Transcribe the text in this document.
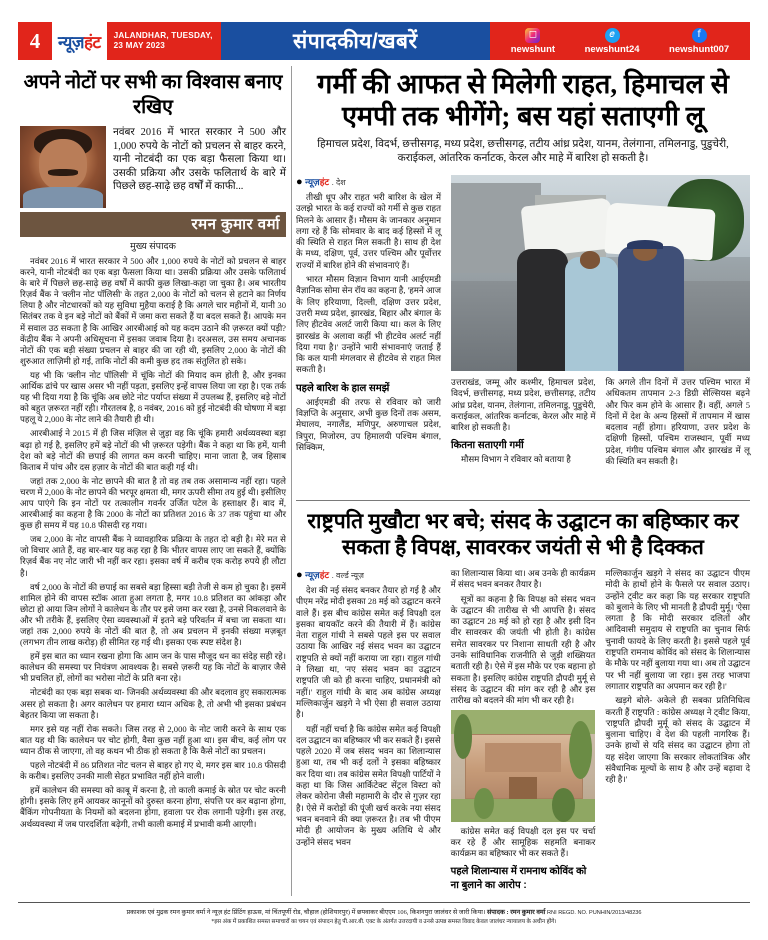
4	न्यूज़हंट JALANDHAR, TUESDAY,
23 MAY 2023	संपादकीय/खबरें	◻
newshunt
𝑒
newshunt24
f
newshunt007
अपने नोटों पर सभी का विश्वास बनाए रखिए
नवंबर 2016 में भारत सरकार ने 500 और 1,000 रुपये के नोटों को प्रचलन से बाहर करने, यानी नोटबंदी का एक बड़ा फैसला किया था। उसकी प्रक्रिया और उसके फलितार्थ के बारे में पिछले छह-साढ़े छह वर्षों में काफी...
रमन कुमार वर्मा
मुख्य संपादक

नवंबर 2016 में भारत सरकार ने 500 और 1,000 रुपये के नोटों को प्रचलन से बाहर करने, यानी नोटबंदी का एक बड़ा फैसला किया था। उसकी प्रक्रिया और उसके फलितार्थ के बारे में पिछले छह-साढ़े छह वर्षों में काफी कुछ लिखा-कहा जा चुका है। अब भारतीय रिज़र्व बैंक ने 'क्लीन नोट पॉलिसी' के तहत 2,000 के नोटों को चलन से हटाने का निर्णय लिया है और नोटधारकों को यह सुविधा मुहैया कराई है कि अगले चार महीनों में, यानी 30 सितंबर तक वे इन बड़े नोटों को बैंकों में जमा करा सकते हैं या बदल सकते हैं। आपके मन में सवाल उठ सकता है कि आखिर आरबीआई को यह कदम उठाने की ज़रूरत क्यों पड़ी? केंद्रीय बैंक ने अपनी अधिसूचना में इसका जवाब दिया है। दरअसल, उस समय अचानक नोटों की एक बड़ी संख्या प्रचलन से बाहर की जा रही थी, इसलिए 2,000 के नोटों की शुरुआत लाज़िमी हो गई, ताकि नोटों की कमी कुछ हद तक संतुलित हो सके।

यह भी कि 'क्लीन नोट पॉलिसी' में चूंकि नोटों की मियाद कम होती है, और इनका आर्थिक ढांचे पर खास असर भी नहीं पड़ता, इसलिए इन्हें वापस लिया जा रहा है। एक तर्क यह भी दिया गया है कि चूंकि अब छोटे नोट पर्याप्त संख्या में उपलब्ध हैं, इसलिए बड़े नोटों को बहुत ज़रूरत नहीं रही। गौरतलब है, 8 नवंबर, 2016 को हुई नोटबंदी की घोषणा में बड़ा पहलू ये 2,000 के नोट लाने की तैयारी ही थी।

आरबीआई ने 2015 में ही जिस मंज़िल से जुड़ा वह कि चूंकि हमारी अर्थव्यवस्था बड़ा बढ़ा हो गई है, इसलिए हमें बड़े नोटों की भी ज़रूरत पड़ेगी। बैंक ने कहा था कि हमें, यानी देश को बड़े नोटों की छपाई की लागत कम करनी चाहिए। माना जाता है, जब हिसाब किताब में पांच और दस हज़ार के नोटों की बात कही गई थी।

जहां तक 2,000 के नोट छापने की बात है तो वह तब तक असामान्य नहीं रहा। पहले चरण में 2,000 के नोट छापने की भरपूर क्षमता थी, मगर ऊपरी सीमा तय हुई थी। इसीलिए आप पाएंगे कि इन नोटों पर तत्कालीन गवर्नर उर्जित पटेल के हस्ताक्षर हैं। बाद में, आरबीआई का कहना है कि 2000 के नोटों का प्रतिशत 2016 के 37 तक पहुंचा था और कुछ ही समय में यह 10.8 फीसदी रह गया।

जब 2,000 के नोट वापसी बैंक ने व्यावहारिक प्रक्रिया के तहत दो बड़ी है। मेरे मत से जो विचार आते हैं, वह बार-बार यह कह रहा है कि भीतर वापस लाए जा सकते हैं, क्योंकि रिज़र्व बैंक नए नोट जारी भी नहीं कर रहा। इसका वर्ष में करीब एक करोड़ रुपये ही लौटा है।

वर्ष 2,000 के नोटों की छपाई का सबसे बड़ा हिस्सा बड़ी तेजी से कम हो चुका है। इसमें शामिल होने की वापस स्टॉक आता हुआ लगता है, मगर 10.8 प्रतिशत का आंकड़ा और छोटा हो आया जिन लोगों ने कालेधन के तौर पर इसे जमा कर रखा है, उनसे निकलवाने के और भी तरीके हैं, इसलिए ऐसा व्यवस्थाओं में इतने बड़े परिवर्तन में बचा जा सकता था। जहां तक 2,000 रुपये के नोटों की बात है, तो अब प्रचलन में इनकी संख्या मज़बूत (लगभग तीन लाख करोड़) ही सीमित रह गई थी। इसका एक स्पष्ट संदेश है।

हमें इस बात का ध्यान रखना होगा कि आम जन के पास मौजूद धन का संदेह सही रहे। कालेधन की समस्या पर नियंत्रण आवश्यक है। सबसे ज़रूरी यह कि नोटों के बाज़ार जैसे भी प्रचलित हों, लोगों का भरोसा नोटों के प्रति बना रहे।

नोटबंदी का एक बड़ा सबक था- जिनकी अर्थव्यवस्था की और बदलाव हुए सकारात्मक असर हो सकता है। अगर कालेधन पर हमारा ध्यान अधिक है, तो अभी भी इसका प्रबंधन बेहतर किया जा सकता है।

मगर इसे यह नहीं रोक सकते। जिस तरह से 2,000 के नोट जारी करने के साथ एक बात यह थी कि कालेधन पर चोट होगी, वैसा कुछ नहीं हुआ था। इस बीच, कई लोग पर ध्यान ठीक से जाएगा, तो वह कथन भी ठीक हो सकता है कि कैसे नोटों का प्रचलन।

पहले नोटबंदी में 86 प्रतिशत नोट चलन से बाहर हो गए थे, मगर इस बार 10.8 फीसदी के करीब। इसलिए उनकी माली सेहत प्रभावित नहीं होने वाली।

हमें कालेधन की समस्या को काबू में करना है, तो काली कमाई के स्रोत पर चोट करनी होगी। इसके लिए हमें आयकर कानूनों को दुरुस्त करना होगा, संपत्ति पर कर बढ़ाना होगा, बैंकिंग गोपनीयता के नियमों को बदलना होगा, हवाला पर रोक लगानी पड़ेगी। इस तरह, अर्थव्यवस्था में जब पारदर्शिता बढ़ेगी, तभी काली कमाई में प्रभावी कमी आएगी।

गर्मी की आफत से मिलेगी राहत, हिमाचल से एमपी तक भीगेंगे; बस यहां सताएगी लू
हिमाचल प्रदेश, विदर्भ, छत्तीसगढ़, मध्य प्रदेश, छत्तीसगढ़, तटीय आंध्र प्रदेश, यानम, तेलंगाना, तमिलनाडु, पुडुचेरी, कराईकल, आंतरिक कर्नाटक, केरल और माहे में बारिश हो सकती है।
● न्यूज़हंट . देश

तीखी धूप और राहत भरी बारिश के खेल में उलझे भारत के कई राज्यों को गर्मी से कुछ राहत मिलने के आसार हैं। मौसम के जानकार अनुमान लगा रहे हैं कि सोमवार के बाद कई हिस्सों में लू की स्थिति से राहत मिल सकती है। साथ ही देश के मध्य, दक्षिण, पूर्व, उत्तर पश्चिम और पूर्वोत्तर राज्यों में बारिश होने की संभावनाएं हैं।

भारत मौसम विज्ञान विभाग यानी आईएमडी वैज्ञानिक सोमा सेन रॉय का कहना है, 'हमने आज के लिए हरियाणा, दिल्ली, दक्षिण उत्तर प्रदेश, उत्तरी मध्य प्रदेश, झारखंड, बिहार और बंगाल के लिए हीटवेव अलर्ट जारी किया था। कल के लिए झारखंड के अलावा कहीं भी हीटवेव अलर्ट नहीं दिया गया है।' उन्होंने भारी संभावनाएं जताई हैं कि कल यानी मंगलवार से हीटवेव से राहत मिल सकती है।

पहले बारिश के हाल समझें

आईएमडी की तरफ से रविवार को जारी विज्ञप्ति के अनुसार, अभी कुछ दिनों तक असम, मेघालय, नगालैंड, मणिपुर, अरुणाचल प्रदेश, त्रिपुरा, मिजोरम, उप हिमालयी पश्चिम बंगाल, सिक्किम,

उत्तराखंड, जम्मू और कश्मीर, हिमाचल प्रदेश, विदर्भ, छत्तीसगढ़, मध्य प्रदेश, छत्तीसगढ़, तटीय आंध्र प्रदेश, यानम, तेलंगाना, तमिलनाडु, पुडुचेरी, कराईकल, आंतरिक कर्नाटक, केरल और माहे में बारिश हो सकती है।

कितना सताएगी गर्मी

मौसम विभाग ने रविवार को बताया है

कि अगले तीन दिनों में उत्तर पश्चिम भारत में अधिकतम तापमान 2-3 डिग्री सेल्सियस बढ़ने और फिर कम होने के आसार हैं। वहीं, अगले 5 दिनों में देश के अन्य हिस्सों में तापमान में खास बदलाव नहीं होगा। हरियाणा, उत्तर प्रदेश के दक्षिणी हिस्सों, पश्चिम राजस्थान, पूर्वी मध्य प्रदेश, गंगीय पश्चिम बंगाल और झारखंड में लू की स्थिति बन सकती है।

राष्ट्रपति मुखौटा भर बचे; संसद के उद्घाटन का बहिष्कार कर सकता है विपक्ष, सावरकर जयंती से भी है दिक्कत
● न्यूज़हंट . वर्ल्ड न्यूज़

देश की नई संसद बनकर तैयार हो गई है और पीएम नरेंद्र मोदी इसका 28 मई को उद्घाटन करने वाले हैं। इस बीच कांग्रेस समेत कई विपक्षी दल इसका बायकॉट करने की तैयारी में हैं। कांग्रेस नेता राहुल गांधी ने सबसे पहले इस पर सवाल उठाया कि आखिर नई संसद भवन का उद्घाटन राष्ट्रपति से क्यों नहीं कराया जा रहा। राहुल गांधी ने लिखा था, 'नए संसद भवन का उद्घाटन राष्ट्रपति जी को ही करना चाहिए, प्रधानमंत्री को नहीं।' राहुल गांधी के बाद अब कांग्रेस अध्यक्ष मल्लिकार्जुन खड़गे ने भी ऐसा ही सवाल उठाया है।

यहीं नहीं चर्चा है कि कांग्रेस समेत कई विपक्षी दल उद्घाटन का बहिष्कार भी कर सकते हैं। इससे पहले 2020 में जब संसद भवन का शिलान्यास हुआ था, तब भी कई दलों ने इसका बहिष्कार कर दिया था। तब कांग्रेस समेत विपक्षी पार्टियों ने कहा था कि जिस आर्किटेक्ट सेंट्रल विस्टा को लेकर कोरोना जैसी महामारी के दौर से गुज़र रहा है। ऐसे में करोड़ों की पूंजी खर्च करके नया संसद भवन बनवाने की क्या ज़रूरत है। तब भी पीएम मोदी ही आयोजन के मुख्य अतिथि थे और उन्होंने संसद भवन

का शिलान्यास किया था। अब उनके ही कार्यक्रम में संसद भवन बनकर तैयार है।

सूत्रों का कहना है कि विपक्ष को संसद भवन के उद्घाटन की तारीख से भी आपत्ति है। संसद का उद्घाटन 28 मई को हो रहा है और इसी दिन वीर सावरकर की जयंती भी होती है। कांग्रेस समेत सावरकर पर निशाना साधती रही है और उनके सांविधानिक राजनीति से जुड़ी शख्सियत बताती रही है। ऐसे में इस मौके पर एक बहाना हो सकता है। इसलिए कांग्रेस राष्ट्रपति द्रौपदी मुर्मू से संसद के उद्घाटन की मांग कर रही है और इस तारीख को बदलने की मांग भी कर रही है।

कांग्रेस समेत कई विपक्षी दल इस पर चर्चा कर रहे हैं और सामूहिक सहमति बनाकर कार्यक्रम का बहिष्कार भी कर सकते हैं।

पहले शिलान्यास में रामनाथ कोविंद को ना बुलाने का आरोप :

मल्लिकार्जुन खड़गे ने संसद का उद्घाटन पीएम मोदी के हाथों होने के फैसले पर सवाल उठाए। उन्होंने ट्वीट कर कहा कि यह सरकार राष्ट्रपति को बुलाने के लिए भी मानती है द्रौपदी मुर्मू। 'ऐसा लगता है कि मोदी सरकार दलितों और आदिवासी समुदाय से राष्ट्रपति का चुनाव सिर्फ चुनावी फायदे के लिए करती है। इससे पहले पूर्व राष्ट्रपति रामनाथ कोविंद को संसद के शिलान्यास के मौके पर नहीं बुलाया गया था। अब तो उद्घाटन पर भी नहीं बुलाया जा रहा। इस तरह भाजपा लगातार राष्ट्रपति का अपमान कर रही है।'

खड़गे बोले- अकेले ही सबका प्रतिनिधित्व करती हैं राष्ट्रपति : कांग्रेस अध्यक्ष ने ट्वीट किया, 'राष्ट्रपति द्रौपदी मुर्मू को संसद के उद्घाटन में बुलाना चाहिए। वे देश की पहली नागरिक हैं। उनके हाथों से यदि संसद का उद्घाटन होगा तो यह संदेश जाएगा कि सरकार लोकतांत्रिक और संवैधानिक मूल्यों के साथ है और उन्हें बढ़ावा दे रही है।'

प्रकाशक एवं मुद्रक रमन कुमार वर्मा ने न्यूज़ हंट प्रिंटिंग हाऊस, मां चिंतपूर्णी रोड, चौहाल (होशियारपुर) में छपवाकर बीएएम 106, किशनपुरा जालंधर से जारी किया। संपादक : रमन कुमार वर्मा RNI REGD. NO. PUNHIN/2013/48236
*इस अंक में प्रकाशित समस्त समाचारों का चयन एवं संपादन हेतु पी.आर.बी. एक्ट के अंतर्गत उत्तरदायी व उनसे उत्पन्न समस्त विवाद केवल जालंधर न्यायालय के अधीन होंगे।
